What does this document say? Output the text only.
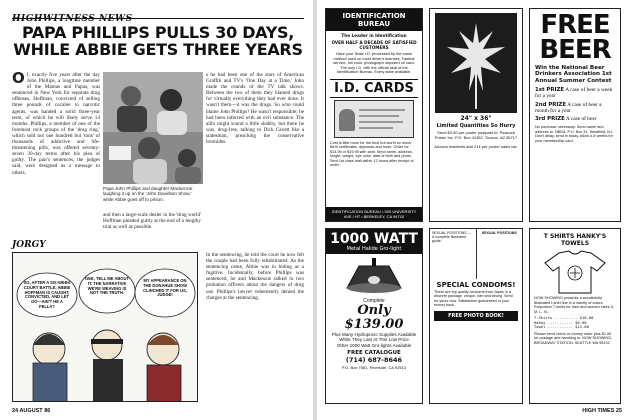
HIGHWITNESS NEWS
PAPA PHILLIPS PULLS 30 DAYS, WHILE ABBIE GETS THREE YEARS
O f, exactly five years after the day John Phillips, a longtime member of the Mamas and Papas, was sentenced in New York for separate drug offenses, Hoffman, convicted of selling three pounds of cocaine to narcotic agents, was handed a solid three-year term, of which he will likely serve 14 months. Phillips, a member of one of the foremost rock groups of the 'drug ring,' which sold not one hundred but 'tons' of thousands of addictive and life-threatening pills, was offered seventy-seven 30-day terms after his plea of guilty. The pair's sentences, the judges said, were designed as a message to others.
Papa John Phillips and daughter Mackenzie laughing it up on the 'John Davidson Show,' while Abbie goes off to prison.
and then a large-scale dealer in the 'drug world' Hoffman pleaded guilty at the end of a lengthy trial as well as possible.
s he had been one of the stars of American Graffiti and TV's 'One Day at a Time,' John made the rounds of the TV talk shows. Between the two of them they blamed drugs for virtually everything they had ever done. It wasn't them—it was the drugs. So who could blame John Phillips? He wasn't responsible; he had been infected with an evil substance. The alibi might sound a little shabby, but there he was, drug-free, talking to Dick Cavett like a statesman, preaching the conservative bromides.
JORGY
SO, AFTER A SIX-WEEK COURT BATTLE, ABBIE HOFFMAN IS CAUGHT, CONVICTED, AND LET GO—AIN'T HE A FELLA?
GEE, TELL ME ABOUT IT. THE NARRATIVE WE'RE WEAVING IS NOT THE TRUTH.
MY APPEARANCE ON THE DONAHUE SHOW CLINCHED IT FOR US, JUDGE!
In the sentencing, he told the court he now felt the couple had been fully rehabilitated. As the sentencing came, Abbie was in hiding as a fugitive. Incidentally, before Phillips was sentenced, he and Mackenzie talked to two probation officers about the dangers of drug use. Phillips's lawyer vehemently denied the charges at the sentencing.
24 AUGUST 86
IDENTIFICATION BUREAU
The Leader in Identification
OVER HALF A DECADE OF SATISFIED CUSTOMERS
Have your State I.D. processed by the same method used on most driver's licenses. Fastest service, full color, photograph imposed on card. The only I.D. with the official seal of the Identification Bureau. Every state available.
I.D. CARDS
Cost is little more for the best but worth so much. Birth certificates, diplomas and more. Order for $14.95 or $19.95 with seal. Send name, address, height, weight, eye color, date of birth and photo. Sent 1st class mail within 12 hours after receipt of order.
IDENTIFICATION BUREAU • 929 UNIVERSITY AVE / HT • BERKELEY, CA 94710
24" x 36"
Limited Quantities So Hurry
Send $3.50 per poster postpaid to: Peacock Poster Inc. P.O. Box 41352, Tucson, AZ 85717
Arizona residents add 21¢ per poster sales tax.
FREE BEER
Win the National Beer Drinkers Association 1st Annual Summer Contest
1st PRIZE A case of beer a week for a year
2nd PRIZE A case of beer a month for a year
3rd PRIZE A case of beer
No purchase necessary. Send name and address to: NBDA, P.O. Box 31, Westfield, NJ. Don't delay, send in today. Allow 4-6 weeks for your membership card.
1000 WATT
Metal Halide Gro-light
Complete
Only $139.00
Plus Many Hydroponic Supplies Available While They Last At This Low Price
Other 1000 Watt Gro-lights Available
FREE CATALOGUE
(714) 687-8646
P.O. Box 7581, Riverside, CA 92513
SEXUAL POSITIONS — A complete illustrated guide.
SEXUAL POSITIONS
SPECIAL CONDOMS!
These are top quality condoms from Japan in a discreet package, unique, slim and strong. Send for yours now. Satisfaction guaranteed or your money back.
FREE PHOTO BOOK!
T SHIRTS HANKY'S TOWELS
NOW SHOWING presents a wonderfully illustrated t-shirt line in a variety of colors. Polycotton T-shirts for men and women sizes S, M, L, XL.
T-Shirts .......... $10.00
Hanky ........... $6.00
Towel ........... $12.00
Please send check or money order plus $1.50 for postage and handling to: NOW SHOWING, BROADWAY STATION, SEATTLE WA 98102
HIGH TIMES 25
